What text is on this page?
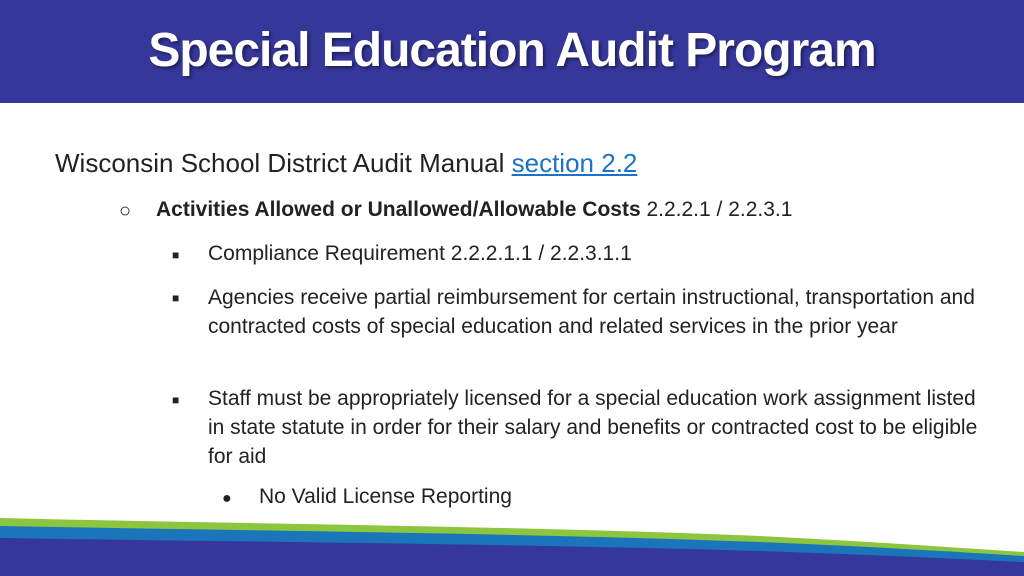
Special Education Audit Program
Wisconsin School District Audit Manual section 2.2
○ Activities Allowed or Unallowed/Allowable Costs 2.2.2.1 / 2.2.3.1
■ Compliance Requirement 2.2.2.1.1 / 2.2.3.1.1
■ Agencies receive partial reimbursement for certain instructional, transportation and contracted costs of special education and related services in the prior year
■ Staff must be appropriately licensed for a special education work assignment listed in state statute in order for their salary and benefits or contracted cost to be eligible for aid
● No Valid License Reporting
